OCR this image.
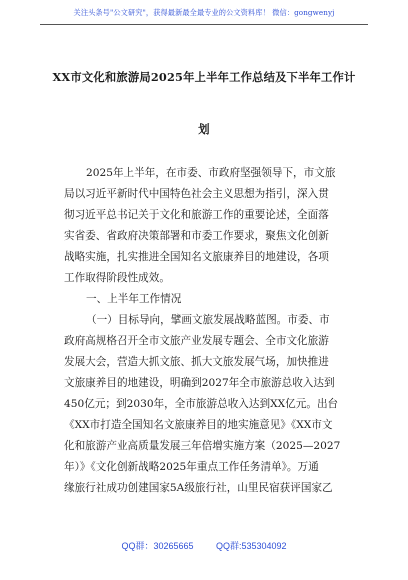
关注头条号"公文研究"，获得最新最全最专业的公文资料库！ 微信：gongwenyj
XX市文化和旅游局2025年上半年工作总结及下半年工作计
划
2025年上半年，在市委、市政府坚强领导下，市文旅
局以习近平新时代中国特色社会主义思想为指引，深入贯
彻习近平总书记关于文化和旅游工作的重要论述，全面落
实省委、省政府决策部署和市委工作要求，聚焦文化创新
战略实施，扎实推进全国知名文旅康养目的地建设，各项
工作取得阶段性成效。
一、上半年工作情况
（一）目标导向，擘画文旅发展战略蓝图。市委、市
政府高规格召开全市文旅产业发展专题会、全市文化旅游
发展大会，营造大抓文旅、抓大文旅发展气场，加快推进
文旅康养目的地建设，明确到2027年全市旅游总收入达到
450亿元；到2030年，全市旅游总收入达到XX亿元。出台
《XX市打造全国知名文旅康养目的地实施意见》《XX市文
化和旅游产业高质量发展三年倍增实施方案（2025—2027
年）》《文化创新战略2025年重点工作任务清单》。万通
缘旅行社成功创建国家5A级旅行社，山里民宿获评国家乙
QQ群：30265665	QQ群:535304092
